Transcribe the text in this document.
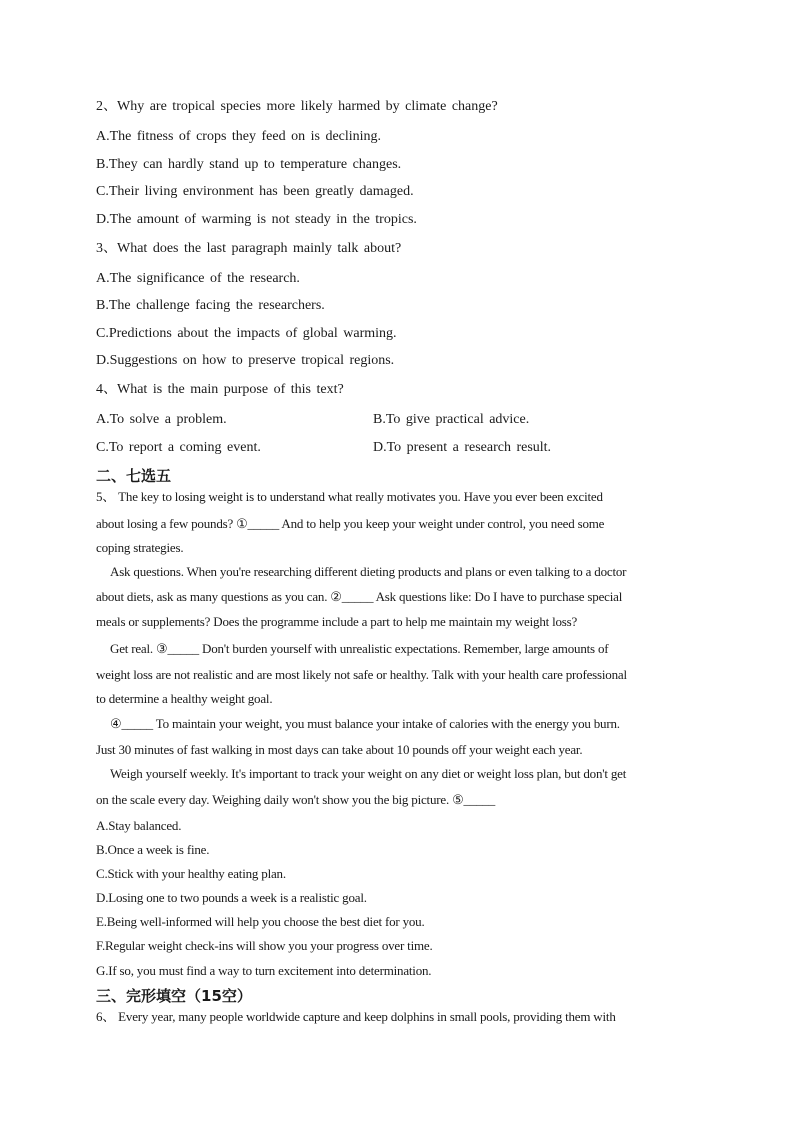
2、Why are tropical species more likely harmed by climate change?
A.The fitness of crops they feed on is declining.
B.They can hardly stand up to temperature changes.
C.Their living environment has been greatly damaged.
D.The amount of warming is not steady in the tropics.
3、What does the last paragraph mainly talk about?
A.The significance of the research.
B.The challenge facing the researchers.
C.Predictions about the impacts of global warming.
D.Suggestions on how to preserve tropical regions.
4、What is the main purpose of this text?
A.To solve a problem.	B.To give practical advice.
C.To report a coming event.	D.To present a research result.
二、七选五
5、 The key to losing weight is to understand what really motivates you. Have you ever been excited
about losing a few pounds? ①_____ And to help you keep your weight under control, you need some
coping strategies.
Ask questions. When you're researching different dieting products and plans or even talking to a doctor
about diets, ask as many questions as you can. ②_____ Ask questions like: Do I have to purchase special
meals or supplements? Does the programme include a part to help me maintain my weight loss?
Get real. ③_____ Don't burden yourself with unrealistic expectations. Remember, large amounts of
weight loss are not realistic and are most likely not safe or healthy. Talk with your health care professional
to determine a healthy weight goal.
④_____ To maintain your weight, you must balance your intake of calories with the energy you burn.
Just 30 minutes of fast walking in most days can take about 10 pounds off your weight each year.
Weigh yourself weekly. It's important to track your weight on any diet or weight loss plan, but don't get
on the scale every day. Weighing daily won't show you the big picture. ⑤_____
A.Stay balanced.
B.Once a week is fine.
C.Stick with your healthy eating plan.
D.Losing one to two pounds a week is a realistic goal.
E.Being well-informed will help you choose the best diet for you.
F.Regular weight check-ins will show you your progress over time.
G.If so, you must find a way to turn excitement into determination.
三、完形填空（15空）
6、 Every year, many people worldwide capture and keep dolphins in small pools, providing them with
